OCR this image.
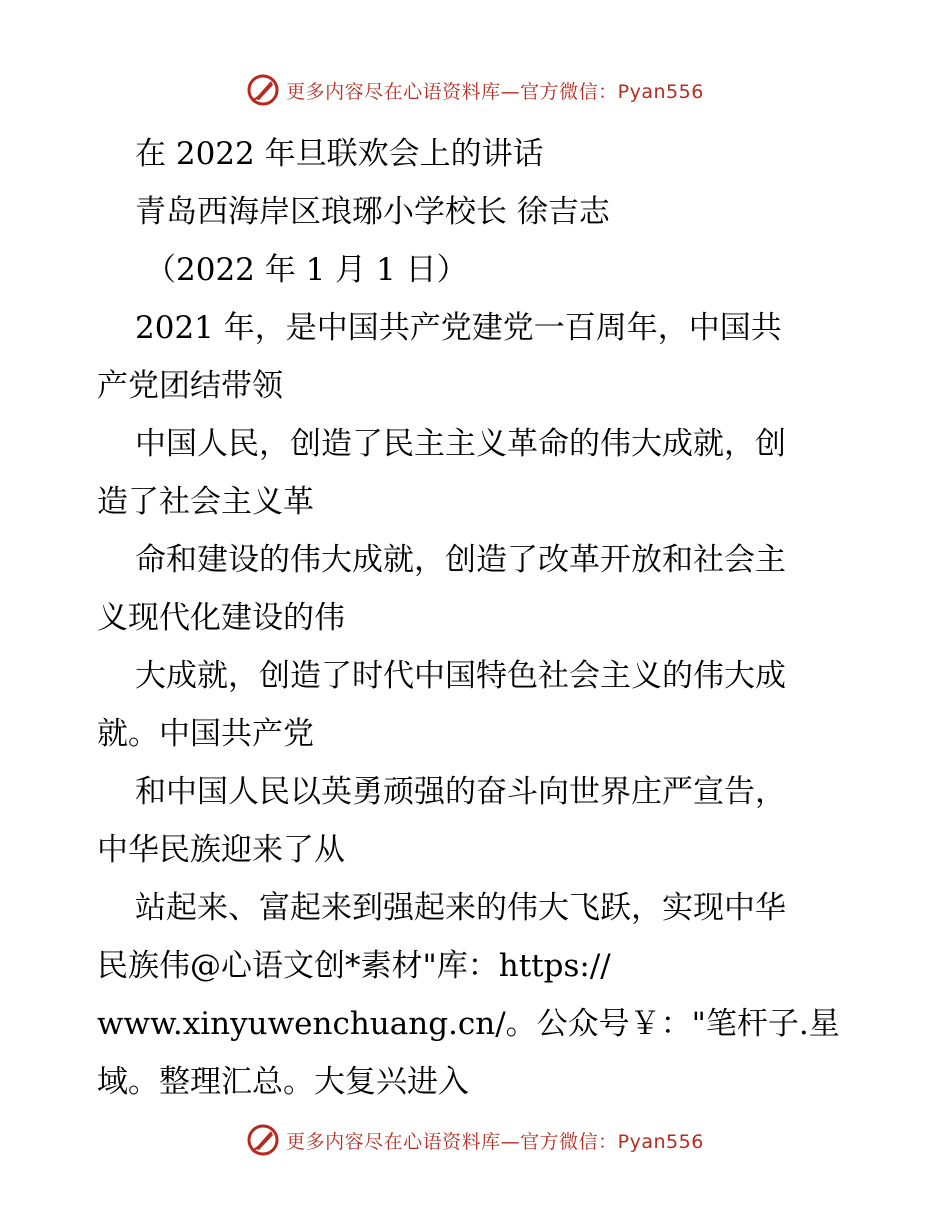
更多内容尽在心语资料库—官方微信：Pyan556
在 2022 年旦联欢会上的讲话
青岛西海岸区琅琊小学校长 徐吉志
（2022 年 1 月 1 日）
2021 年，是中国共产党建党一百周年，中国共
产党团结带领
中国人民，创造了民主主义革命的伟大成就，创
造了社会主义革
命和建设的伟大成就，创造了改革开放和社会主
义现代化建设的伟
大成就，创造了时代中国特色社会主义的伟大成
就。中国共产党
和中国人民以英勇顽强的奋斗向世界庄严宣告，
中华民族迎来了从
站起来、富起来到强起来的伟大飞跃，实现中华
民族伟@心语文创*素材"库：https://
www.xinyuwenchuang.cn/。公众号￥："笔杆子.星
域。整理汇总。大复兴进入
更多内容尽在心语资料库—官方微信：Pyan556
